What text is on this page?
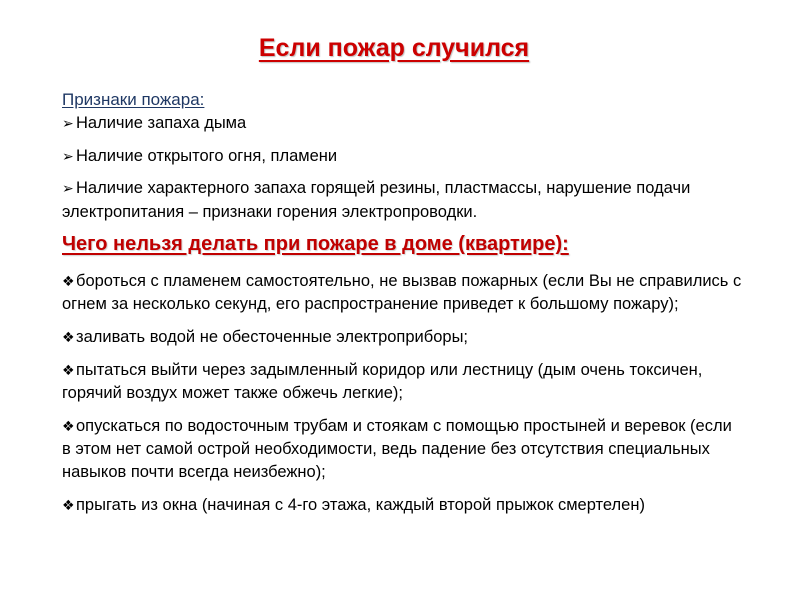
Если пожар случился
Признаки пожара:

➢ Наличие запаха дыма

➢ Наличие открытого огня, пламени

➢ Наличие характерного запаха горящей резины, пластмассы, нарушение подачи электропитания – признаки горения электропроводки.

Чего нельзя делать при пожаре в доме (квартире):

❖бороться с пламенем самостоятельно, не вызвав пожарных (если Вы не справились с огнем за несколько секунд, его распространение приведет к большому пожару);

❖заливать водой не обесточенные электроприборы;

❖пытаться выйти через задымленный коридор или лестницу (дым очень токсичен, горячий воздух может также обжечь легкие);

❖опускаться по водосточным трубам и стоякам с помощью простыней и веревок (если в этом нет самой острой необходимости, ведь падение без отсутствия специальных навыков почти всегда неизбежно);

❖прыгать из окна (начиная с 4-го этажа, каждый второй прыжок смертелен)
